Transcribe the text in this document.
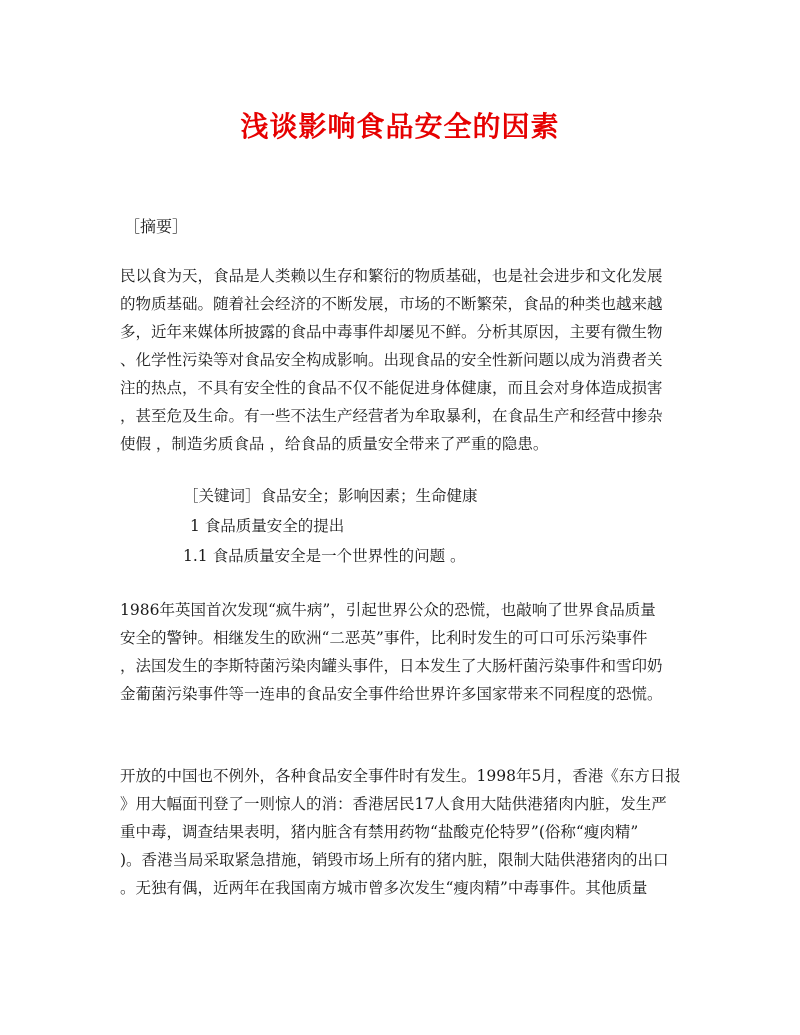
浅谈影响食品安全的因素
［摘要］

民以食为天，食品是人类赖以生存和繁衍的物质基础，也是社会进步和文化发展
的物质基础。随着社会经济的不断发展，市场的不断繁荣，食品的种类也越来越
多，近年来媒体所披露的食品中毒事件却屡见不鲜。分析其原因，主要有微生物
、化学性污染等对食品安全构成影响。出现食品的安全性新问题以成为消费者关
注的热点，不具有安全性的食品不仅不能促进身体健康，而且会对身体造成损害
，甚至危及生命。有一些不法生产经营者为牟取暴利，在食品生产和经营中掺杂
使假 ，制造劣质食品 ，给食品的质量安全带来了严重的隐患。

［关键词］食品安全；影响因素；生命健康
1 食品质量安全的提出
1.1 食品质量安全是一个世界性的问题 。

1986年英国首次发现“疯牛病”，引起世界公众的恐慌，也敲响了世界食品质量
安全的警钟。相继发生的欧洲“二恶英”事件，比利时发生的可口可乐污染事件
，法国发生的李斯特菌污染肉罐头事件，日本发生了大肠杆菌污染事件和雪印奶
金葡菌污染事件等一连串的食品安全事件给世界许多国家带来不同程度的恐慌。

开放的中国也不例外，各种食品安全事件时有发生。1998年5月，香港《东方日报
》用大幅面刊登了一则惊人的消：香港居民17人食用大陆供港猪肉内脏，发生严
重中毒，调查结果表明，猪内脏含有禁用药物“盐酸克伦特罗”(俗称“瘦肉精”
)。香港当局采取紧急措施，销毁市场上所有的猪内脏，限制大陆供港猪肉的出口
。无独有偶，近两年在我国南方城市曾多次发生“瘦肉精”中毒事件。其他质量
